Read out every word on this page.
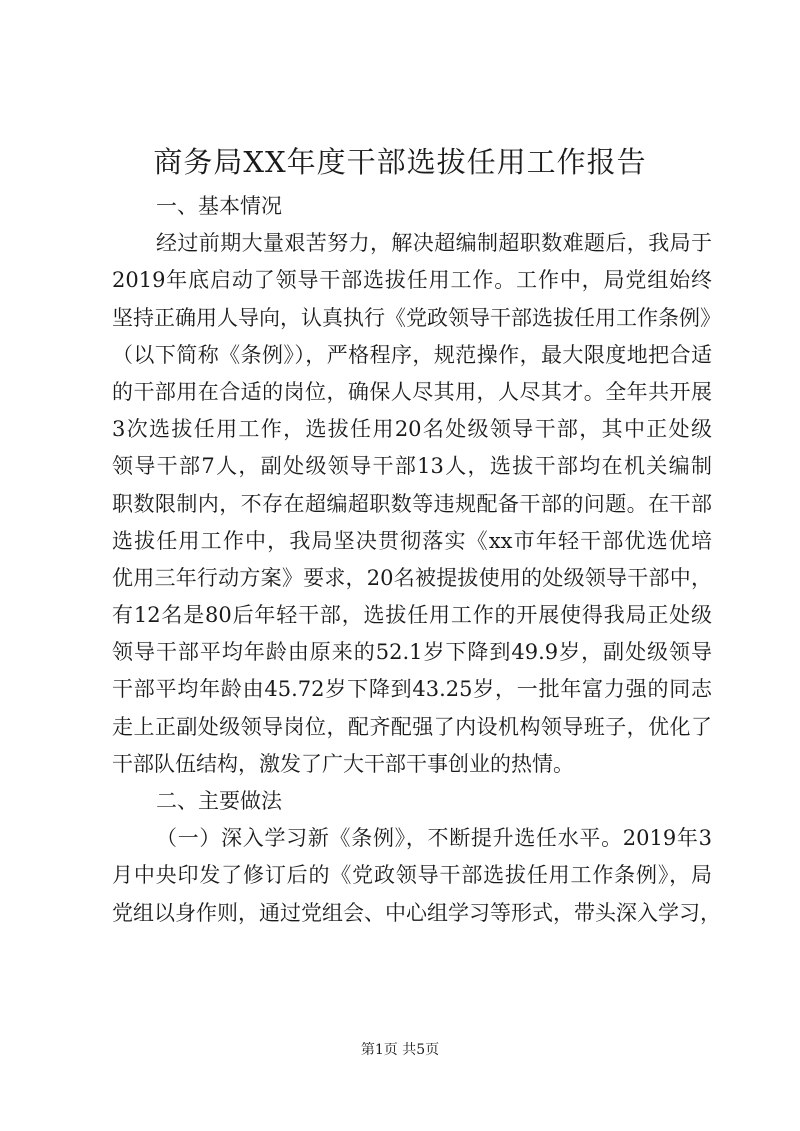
商务局XX年度干部选拔任用工作报告
一、基本情况
经过前期大量艰苦努力，解决超编制超职数难题后，我局于
2019年底启动了领导干部选拔任用工作。工作中，局党组始终
坚持正确用人导向，认真执行《党政领导干部选拔任用工作条例》
（以下简称《条例》），严格程序，规范操作，最大限度地把合适
的干部用在合适的岗位，确保人尽其用，人尽其才。全年共开展
3次选拔任用工作，选拔任用20名处级领导干部，其中正处级
领导干部7人，副处级领导干部13人，选拔干部均在机关编制
职数限制内，不存在超编超职数等违规配备干部的问题。在干部
选拔任用工作中，我局坚决贯彻落实《xx市年轻干部优选优培
优用三年行动方案》要求，20名被提拔使用的处级领导干部中，
有12名是80后年轻干部，选拔任用工作的开展使得我局正处级
领导干部平均年龄由原来的52.1岁下降到49.9岁，副处级领导
干部平均年龄由45.72岁下降到43.25岁，一批年富力强的同志
走上正副处级领导岗位，配齐配强了内设机构领导班子，优化了
干部队伍结构，激发了广大干部干事创业的热情。
二、主要做法
（一）深入学习新《条例》，不断提升选任水平。2019年3
月中央印发了修订后的《党政领导干部选拔任用工作条例》，局
党组以身作则，通过党组会、中心组学习等形式，带头深入学习，
第1页 共5页
